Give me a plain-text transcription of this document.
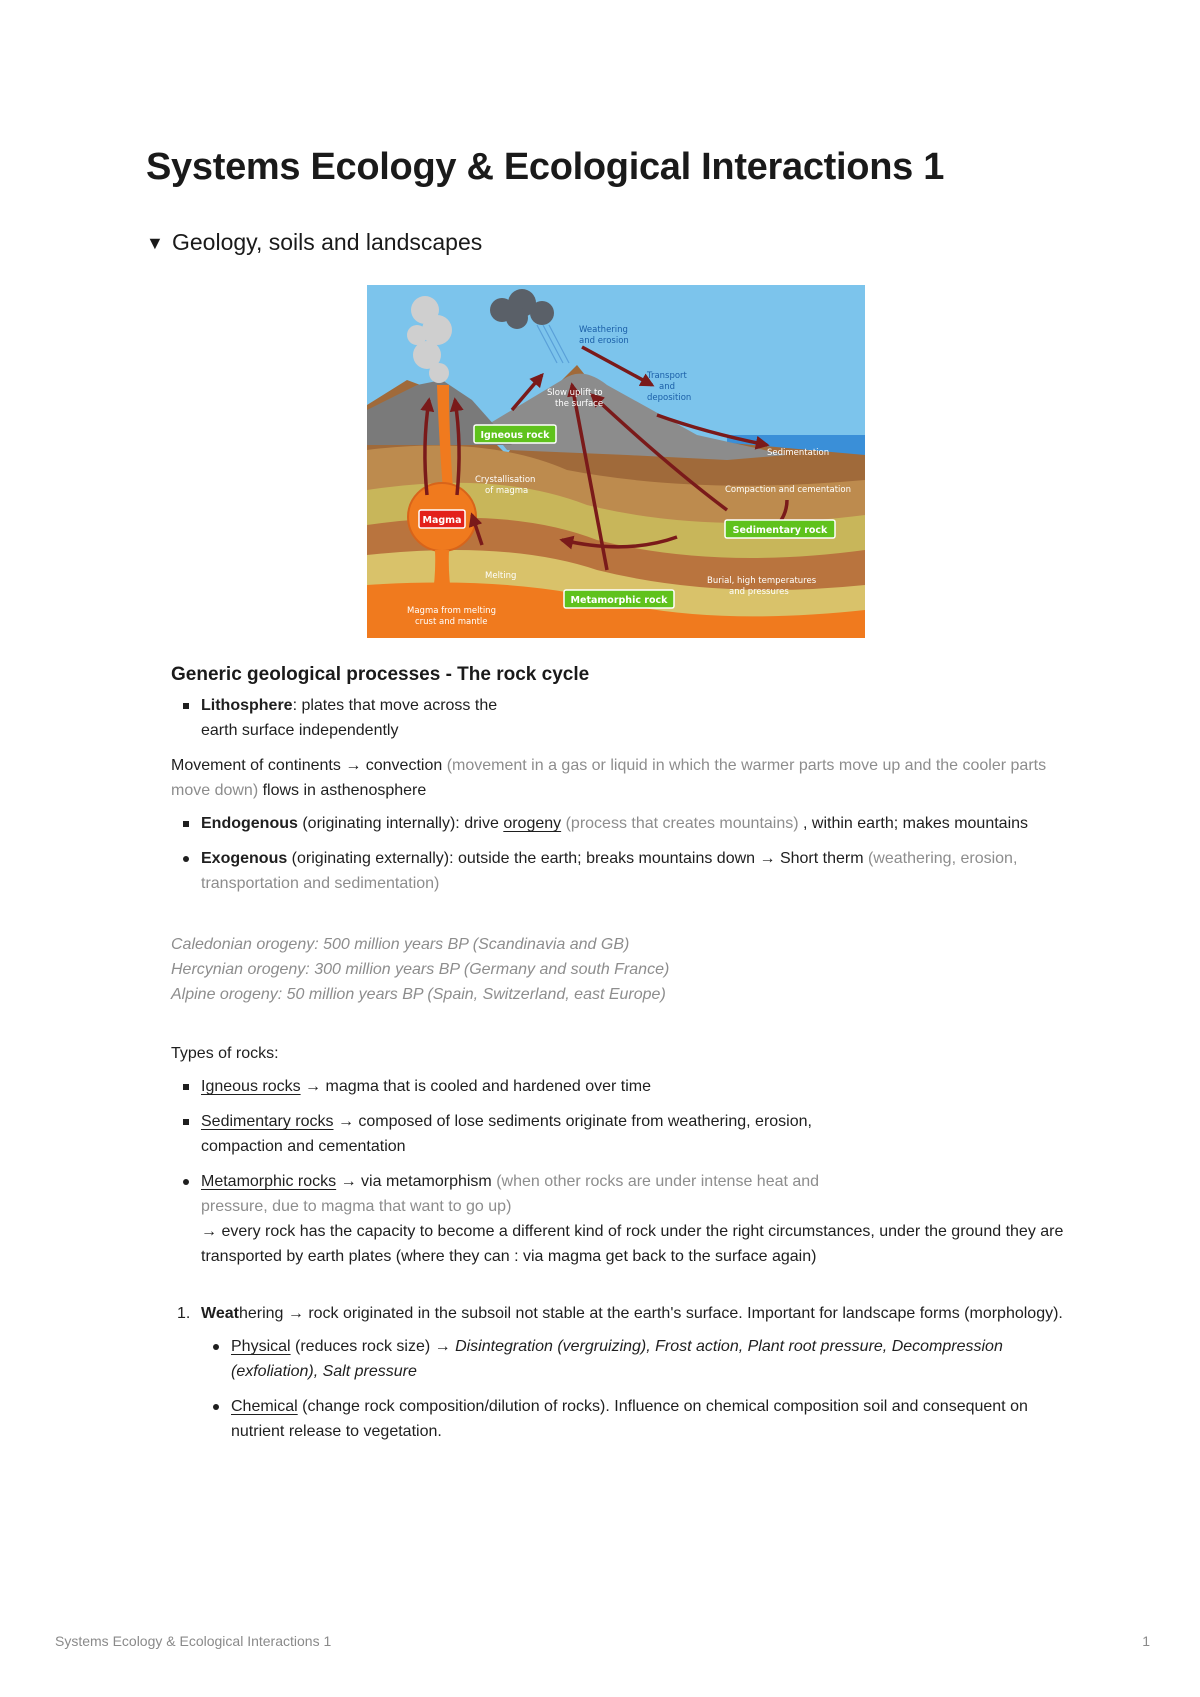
Systems Ecology & Ecological Interactions 1
▼ Geology, soils and landscapes
Weathering
and erosion
Transport
and
deposition
Slow uplift to
the surface
Crystallisation
of magma
Sedimentation
Compaction and cementation
Burial, high temperatures
and pressures
Melting
Magma from melting
crust and mantle
Igneous rock
Magma
Sedimentary rock
Metamorphic rock
Generic geological processes - The rock cycle
Lithosphere: plates that move across the
earth surface independently

Movement of continents → convection (movement in a gas or liquid in which the warmer parts move up and the cooler parts move down) flows in asthenosphere

Endogenous (originating internally): drive orogeny (process that creates mountains) , within earth; makes mountains
Exogenous (originating externally): outside the earth; breaks mountains down → Short therm (weathering, erosion, transportation and sedimentation)
Caledonian orogeny: 500 million years BP (Scandinavia and GB)
Hercynian orogeny: 300 million years BP (Germany and south France)
Alpine orogeny: 50 million years BP (Spain, Switzerland, east Europe)

Types of rocks:

Igneous rocks → magma that is cooled and hardened over time
Sedimentary rocks → composed of lose sediments originate from weathering, erosion,
compaction and cementation
Metamorphic rocks → via metamorphism (when other rocks are under intense heat and
pressure, due to magma that want to go up)
→ every rock has the capacity to become a different kind of rock under the right circumstances, under the ground they are transported by earth plates (where they can : via magma get back to the surface again)
1. Weathering → rock originated in the subsoil not stable at the earth's surface. Important for landscape forms (morphology).
Physical (reduces rock size) → Disintegration (vergruizing), Frost action, Plant root pressure, Decompression (exfoliation), Salt pressure
Chemical (change rock composition/dilution of rocks). Influence on chemical composition soil and consequent on nutrient release to vegetation.
Systems Ecology & Ecological Interactions 1	1
